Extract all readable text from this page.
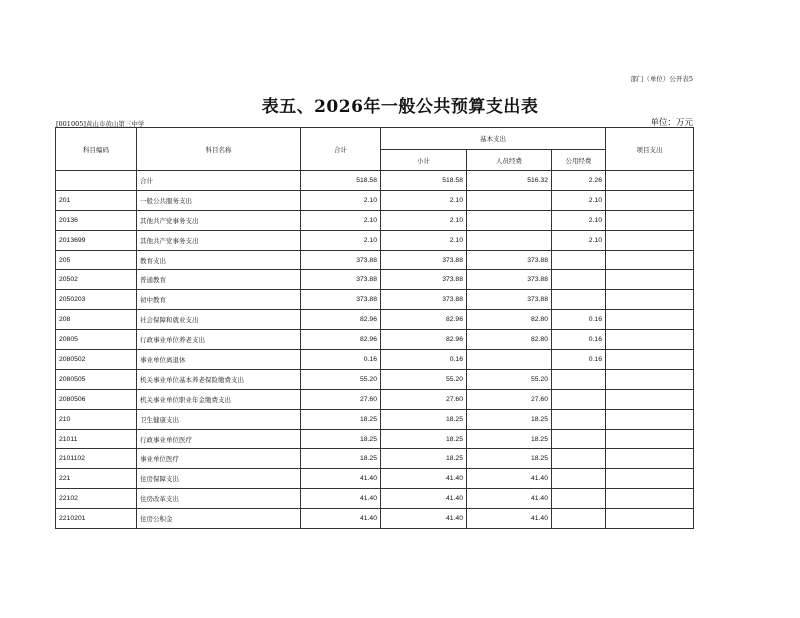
部门（单位）公开表5
表五、2026年一般公共预算支出表
[001005]黄山市黄山第三中学	单位：万元
科目编码	科目名称	合计	基本支出			项目支出
			小计	人员经费	公用经费	
	合计	518.58	518.58	516.32	2.26	
201	一般公共服务支出	2.10	2.10		2.10	
20136	其他共产党事务支出	2.10	2.10		2.10	
2013699	其他共产党事务支出	2.10	2.10		2.10	
205	教育支出	373.88	373.88	373.88		
20502	普通教育	373.88	373.88	373.88		
2050203	初中教育	373.88	373.88	373.88		
208	社会保障和就业支出	82.96	82.96	82.80	0.16	
20805	行政事业单位养老支出	82.96	82.96	82.80	0.16	
2080502	事业单位离退休	0.16	0.16		0.16	
2080505	机关事业单位基本养老保险缴费支出	55.20	55.20	55.20		
2080506	机关事业单位职业年金缴费支出	27.60	27.60	27.60		
210	卫生健康支出	18.25	18.25	18.25		
21011	行政事业单位医疗	18.25	18.25	18.25		
2101102	事业单位医疗	18.25	18.25	18.25		
221	住房保障支出	41.40	41.40	41.40		
22102	住房改革支出	41.40	41.40	41.40		
2210201	住房公积金	41.40	41.40	41.40		
